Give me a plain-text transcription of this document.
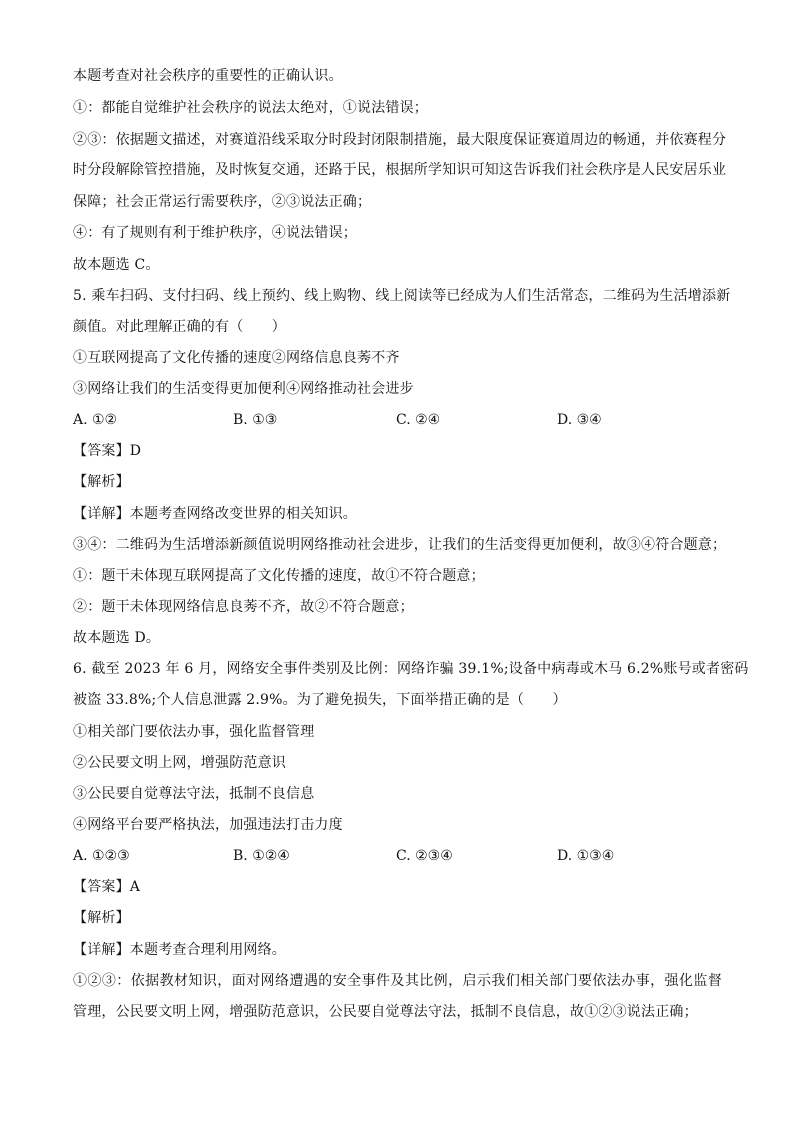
本题考查对社会秩序的重要性的正确认识。
①：都能自觉维护社会秩序的说法太绝对，①说法错误；
②③：依据题文描述，对赛道沿线采取分时段封闭限制措施，最大限度保证赛道周边的畅通，并依赛程分
时分段解除管控措施，及时恢复交通，还路于民，根据所学知识可知这告诉我们社会秩序是人民安居乐业
保障；社会正常运行需要秩序，②③说法正确；
④：有了规则有利于维护秩序，④说法错误；
故本题选 C。
5. 乘车扫码、支付扫码、线上预约、线上购物、线上阅读等已经成为人们生活常态，二维码为生活增添新
颜值。对此理解正确的有（　　）
①互联网提高了文化传播的速度②网络信息良莠不齐
③网络让我们的生活变得更加便利④网络推动社会进步
A. ①②	B. ①③	C. ②④	D. ③④
【答案】D
【解析】
【详解】本题考查网络改变世界的相关知识。
③④：二维码为生活增添新颜值说明网络推动社会进步，让我们的生活变得更加便利，故③④符合题意；
①：题干未体现互联网提高了文化传播的速度，故①不符合题意；
②：题干未体现网络信息良莠不齐，故②不符合题意；
故本题选 D。
6. 截至 2023 年 6 月，网络安全事件类别及比例：网络诈骗 39.1%;设备中病毒或木马 6.2%账号或者密码
被盗 33.8%;个人信息泄露 2.9%。为了避免损失，下面举措正确的是（　　）
①相关部门要依法办事，强化监督管理
②公民要文明上网，增强防范意识
③公民要自觉尊法守法，抵制不良信息
④网络平台要严格执法，加强违法打击力度
A. ①②③	B. ①②④	C. ②③④	D. ①③④
【答案】A
【解析】
【详解】本题考查合理利用网络。
①②③：依据教材知识，面对网络遭遇的安全事件及其比例，启示我们相关部门要依法办事，强化监督
管理，公民要文明上网，增强防范意识，公民要自觉尊法守法，抵制不良信息，故①②③说法正确；
